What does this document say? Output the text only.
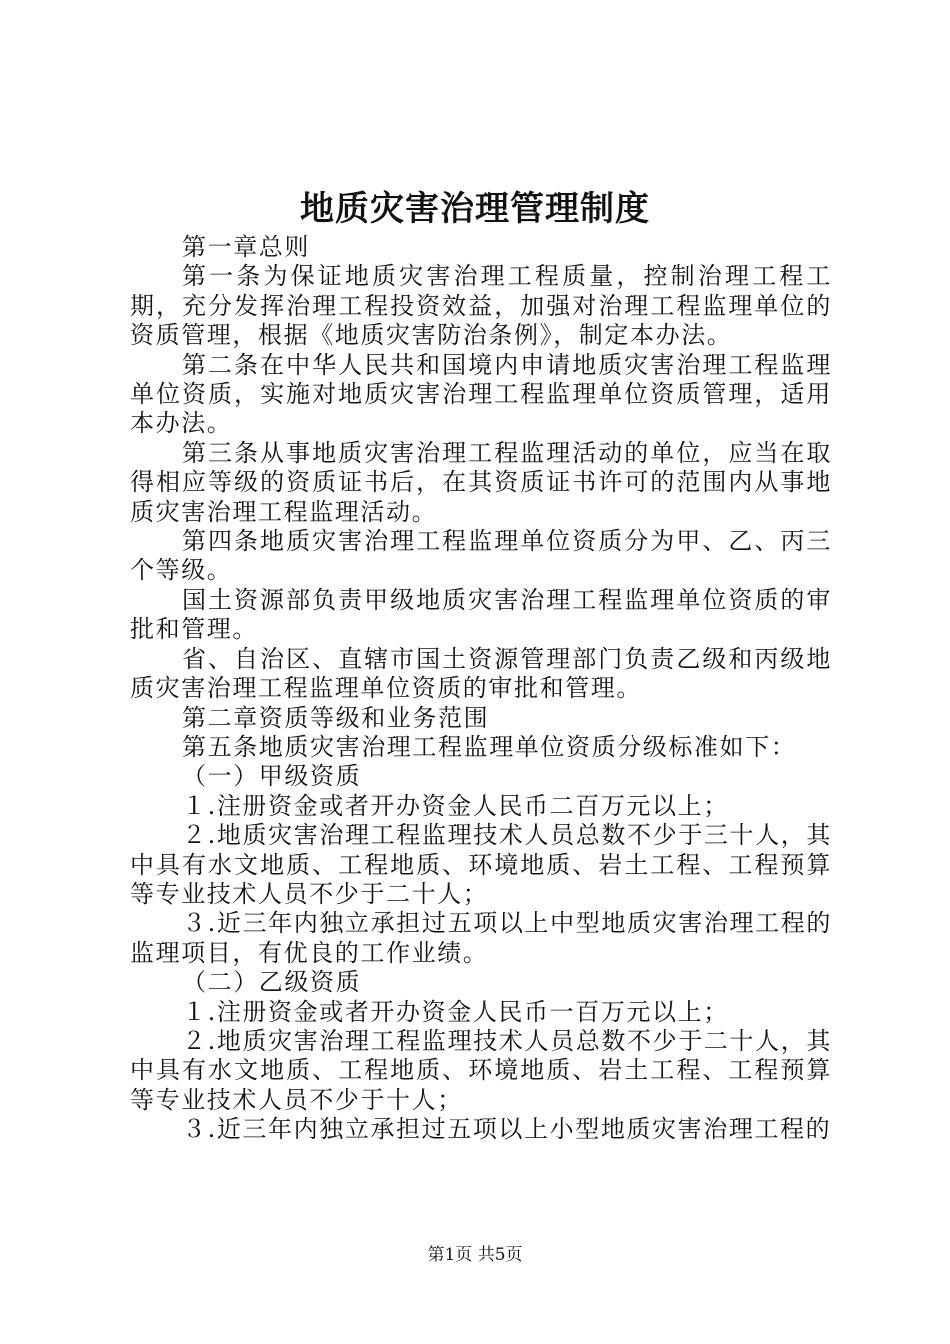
地质灾害治理管理制度

第一章总则

第一条为保证地质灾害治理工程质量，控制治理工程工期，充分发挥治理工程投资效益，加强对治理工程监理单位的资质管理，根据《地质灾害防治条例》，制定本办法。

第二条在中华人民共和国境内申请地质灾害治理工程监理单位资质，实施对地质灾害治理工程监理单位资质管理，适用本办法。

第三条从事地质灾害治理工程监理活动的单位，应当在取得相应等级的资质证书后，在其资质证书许可的范围内从事地质灾害治理工程监理活动。

第四条地质灾害治理工程监理单位资质分为甲、乙、丙三个等级。

国土资源部负责甲级地质灾害治理工程监理单位资质的审批和管理。

省、自治区、直辖市国土资源管理部门负责乙级和丙级地质灾害治理工程监理单位资质的审批和管理。

第二章资质等级和业务范围

第五条地质灾害治理工程监理单位资质分级标准如下：

（一）甲级资质

１.注册资金或者开办资金人民币二百万元以上；

２.地质灾害治理工程监理技术人员总数不少于三十人，其中具有水文地质、工程地质、环境地质、岩土工程、工程预算等专业技术人员不少于二十人；

３.近三年内独立承担过五项以上中型地质灾害治理工程的监理项目，有优良的工作业绩。

（二）乙级资质

１.注册资金或者开办资金人民币一百万元以上；

２.地质灾害治理工程监理技术人员总数不少于二十人，其中具有水文地质、工程地质、环境地质、岩土工程、工程预算等专业技术人员不少于十人；

３.近三年内独立承担过五项以上小型地质灾害治理工程的

第1页 共5页
